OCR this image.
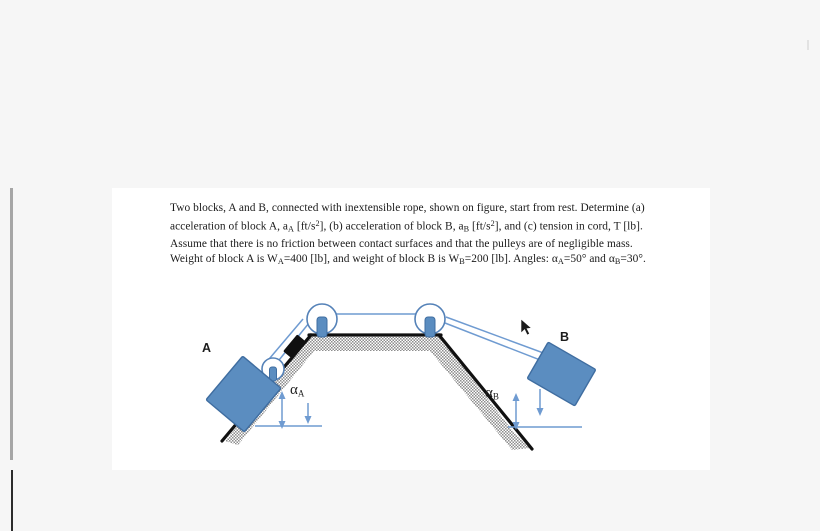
Two blocks, A and B, connected with inextensible rope, shown on figure, start from rest. Determine (a) acceleration of block A, $a_A$ $[ft/s^2]$, (b) acceleration of block B, $a_B$ $[ft/s^2]$, and (c) tension in cord, T [lb]. Assume that there is no friction between contact surfaces and that the pulleys are of negligible mass. Weight of block A is $W_A=400$ [lb], and weight of block B is $W_B=200$ [lb]. Angles: $\alpha_A=50^\circ$ and $\alpha_B=30^\circ$.
A
B
$\alpha_A$	$\alpha_B$
